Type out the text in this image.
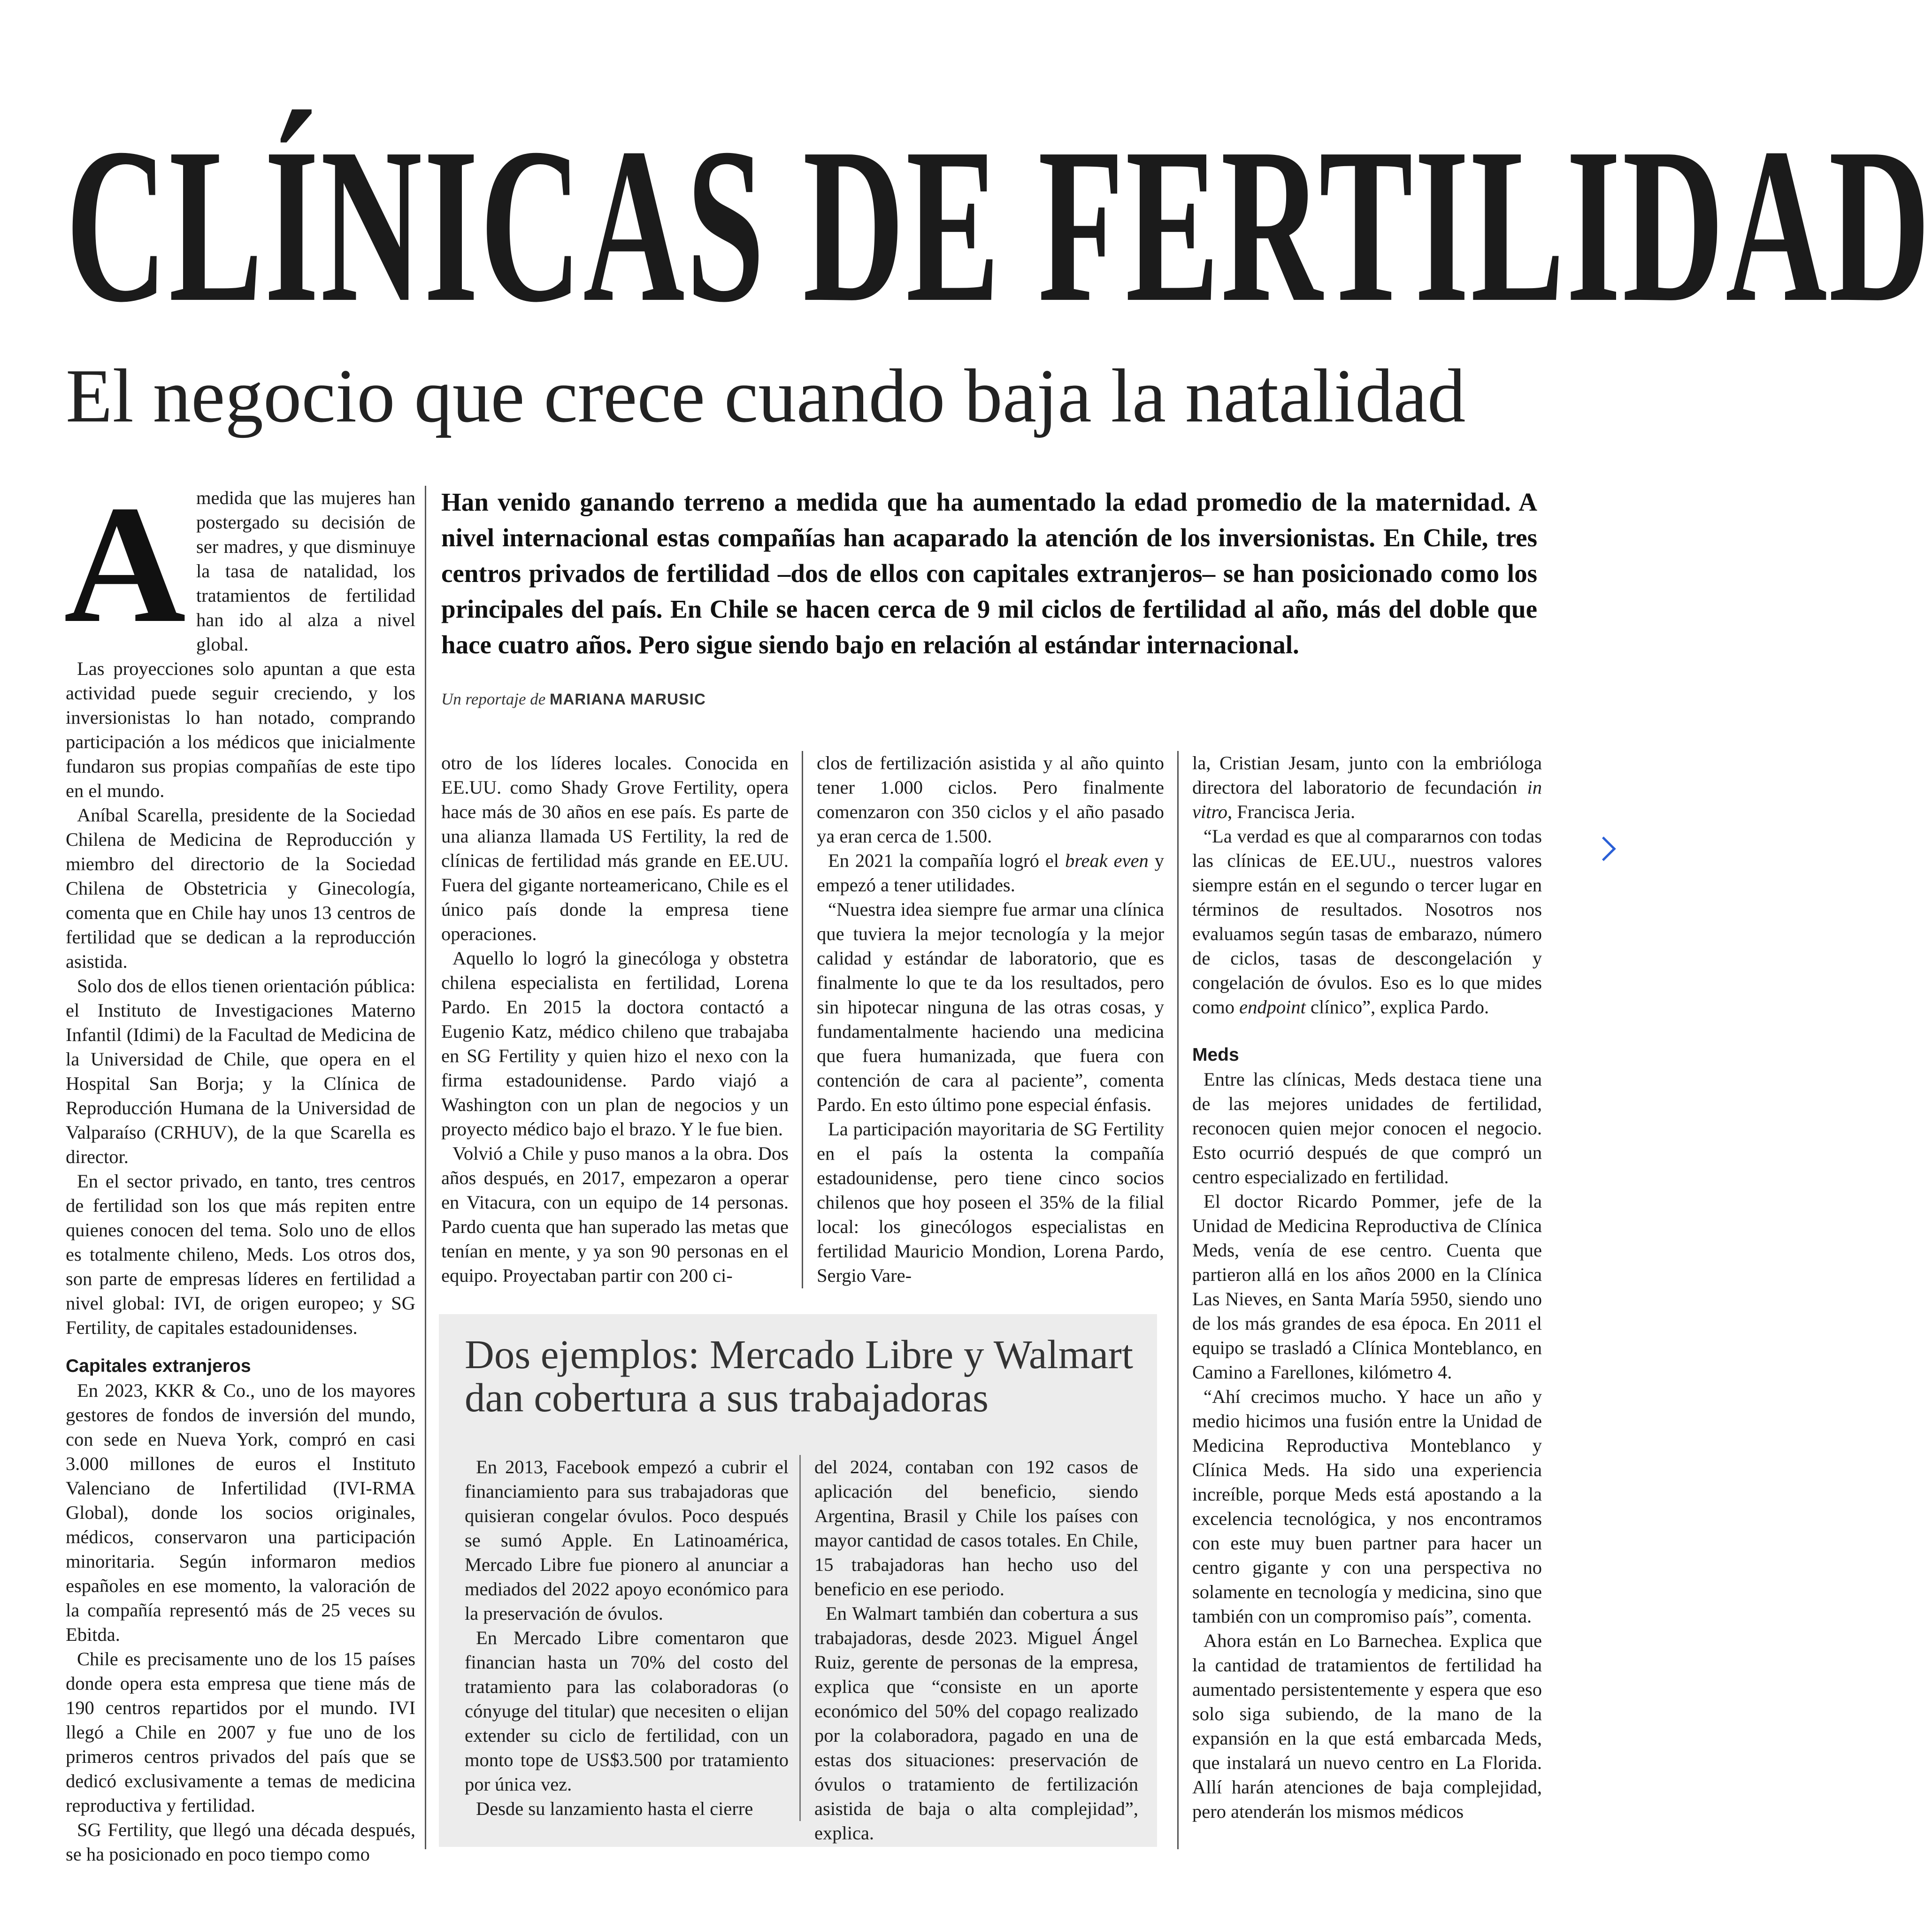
CLÍNICAS DE FERTILIDAD
El negocio que crece cuando baja la natalidad
A medida que las mujeres han postergado su decisión de ser madres, y que disminuye la tasa de natalidad, los tratamientos de fertilidad han ido al alza a nivel global.

Las proyecciones solo apuntan a que esta actividad puede seguir creciendo, y los inversionistas lo han notado, comprando participación a los médicos que inicialmente fundaron sus propias compañías de este tipo en el mundo.

Aníbal Scarella, presidente de la Sociedad Chilena de Medicina de Reproducción y miembro del directorio de la Sociedad Chilena de Obstetricia y Ginecología, comenta que en Chile hay unos 13 centros de fertilidad que se dedican a la reproducción asistida.

Solo dos de ellos tienen orientación pública: el Instituto de Investigaciones Materno Infantil (Idimi) de la Facultad de Medicina de la Universidad de Chile, que opera en el Hospital San Borja; y la Clínica de Reproducción Humana de la Universidad de Valparaíso (CRHUV), de la que Scarella es director.

En el sector privado, en tanto, tres centros de fertilidad son los que más repiten entre quienes conocen del tema. Solo uno de ellos es totalmente chileno, Meds. Los otros dos, son parte de empresas líderes en fertilidad a nivel global: IVI, de origen europeo; y SG Fertility, de capitales estadounidenses.

Capitales extranjeros

En 2023, KKR & Co., uno de los mayores gestores de fondos de inversión del mundo, con sede en Nueva York, compró en casi 3.000 millones de euros el Instituto Valenciano de Infertilidad (IVI-RMA Global), donde los socios originales, médicos, conservaron una participación minoritaria. Según informaron medios españoles en ese momento, la valoración de la compañía representó más de 25 veces su Ebitda.

Chile es precisamente uno de los 15 países donde opera esta empresa que tiene más de 190 centros repartidos por el mundo. IVI llegó a Chile en 2007 y fue uno de los primeros centros privados del país que se dedicó exclusivamente a temas de medicina reproductiva y fertilidad.

SG Fertility, que llegó una década después, se ha posicionado en poco tiempo como

Han venido ganando terreno a medida que ha aumentado la edad promedio de la maternidad. A nivel internacional estas compañías han acaparado la atención de los inversionistas. En Chile, tres centros privados de fertilidad –dos de ellos con capitales extranjeros– se han posicionado como los principales del país. En Chile se hacen cerca de 9 mil ciclos de fertilidad al año, más del doble que hace cuatro años. Pero sigue siendo bajo en relación al estándar internacional.
Un reportaje de MARIANA MARUSIC

otro de los líderes locales. Conocida en EE.UU. como Shady Grove Fertility, opera hace más de 30 años en ese país. Es parte de una alianza llamada US Fertility, la red de clínicas de fertilidad más grande en EE.UU. Fuera del gigante norteamericano, Chile es el único país donde la empresa tiene operaciones.

Aquello lo logró la ginecóloga y obstetra chilena especialista en fertilidad, Lorena Pardo. En 2015 la doctora contactó a Eugenio Katz, médico chileno que trabajaba en SG Fertility y quien hizo el nexo con la firma estadounidense. Pardo viajó a Washington con un plan de negocios y un proyecto médico bajo el brazo. Y le fue bien.

Volvió a Chile y puso manos a la obra. Dos años después, en 2017, empezaron a operar en Vitacura, con un equipo de 14 personas. Pardo cuenta que han superado las metas que tenían en mente, y ya son 90 personas en el equipo. Proyectaban partir con 200 ci-

clos de fertilización asistida y al año quinto tener 1.000 ciclos. Pero finalmente comenzaron con 350 ciclos y el año pasado ya eran cerca de 1.500.

En 2021 la compañía logró el break even y empezó a tener utilidades.

“Nuestra idea siempre fue armar una clínica que tuviera la mejor tecnología y la mejor calidad y estándar de laboratorio, que es finalmente lo que te da los resultados, pero sin hipotecar ninguna de las otras cosas, y fundamentalmente haciendo una medicina que fuera humanizada, que fuera con contención de cara al paciente”, comenta Pardo. En esto último pone especial énfasis.

La participación mayoritaria de SG Fertility en el país la ostenta la compañía estadounidense, pero tiene cinco socios chilenos que hoy poseen el 35% de la filial local: los ginecólogos especialistas en fertilidad Mauricio Mondion, Lorena Pardo, Sergio Vare-

la, Cristian Jesam, junto con la embrióloga directora del laboratorio de fecundación in vitro, Francisca Jeria.

“La verdad es que al compararnos con todas las clínicas de EE.UU., nuestros valores siempre están en el segundo o tercer lugar en términos de resultados. Nosotros nos evaluamos según tasas de embarazo, número de ciclos, tasas de descongelación y congelación de óvulos. Eso es lo que mides como endpoint clínico”, explica Pardo.

Meds

Entre las clínicas, Meds destaca tiene una de las mejores unidades de fertilidad, reconocen quien mejor conocen el negocio. Esto ocurrió después de que compró un centro especializado en fertilidad.

El doctor Ricardo Pommer, jefe de la Unidad de Medicina Reproductiva de Clínica Meds, venía de ese centro. Cuenta que partieron allá en los años 2000 en la Clínica Las Nieves, en Santa María 5950, siendo uno de los más grandes de esa época. En 2011 el equipo se trasladó a Clínica Monteblanco, en Camino a Farellones, kilómetro 4.

“Ahí crecimos mucho. Y hace un año y medio hicimos una fusión entre la Unidad de Medicina Reproductiva Monteblanco y Clínica Meds. Ha sido una experiencia increíble, porque Meds está apostando a la excelencia tecnológica, y nos encontramos con este muy buen partner para hacer un centro gigante y con una perspectiva no solamente en tecnología y medicina, sino que también con un compromiso país”, comenta.

Ahora están en Lo Barnechea. Explica que la cantidad de tratamientos de fertilidad ha aumentado persistentemente y espera que eso solo siga subiendo, de la mano de la expansión en la que está embarcada Meds, que instalará un nuevo centro en La Florida. Allí harán atenciones de baja complejidad, pero atenderán los mismos médicos

Dos ejemplos: Mercado Libre y Walmart dan cobertura a sus trabajadoras

En 2013, Facebook empezó a cubrir el financiamiento para sus trabajadoras que quisieran congelar óvulos. Poco después se sumó Apple. En Latinoamérica, Mercado Libre fue pionero al anunciar a mediados del 2022 apoyo económico para la preservación de óvulos.

En Mercado Libre comentaron que financian hasta un 70% del costo del tratamiento para las colaboradoras (o cónyuge del titular) que necesiten o elijan extender su ciclo de fertilidad, con un monto tope de US$3.500 por tratamiento por única vez.

Desde su lanzamiento hasta el cierre

del 2024, contaban con 192 casos de aplicación del beneficio, siendo Argentina, Brasil y Chile los países con mayor cantidad de casos totales. En Chile, 15 trabajadoras han hecho uso del beneficio en ese periodo.

En Walmart también dan cobertura a sus trabajadoras, desde 2023. Miguel Ángel Ruiz, gerente de personas de la empresa, explica que “consiste en un aporte económico del 50% del copago realizado por la colaboradora, pagado en una de estas dos situaciones: preservación de óvulos o tratamiento de fertilización asistida de baja o alta complejidad”, explica.
